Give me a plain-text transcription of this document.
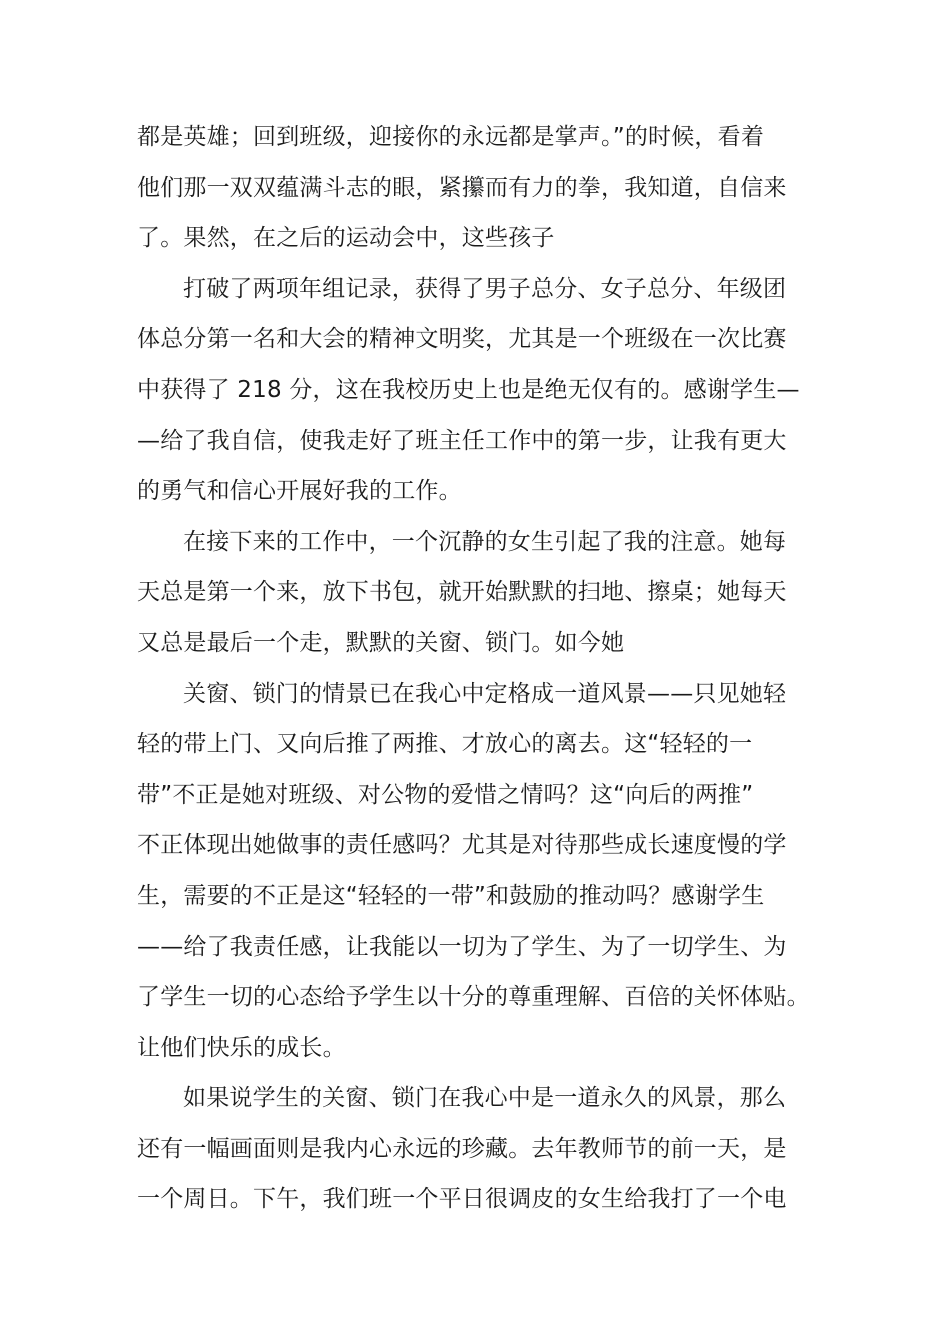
都是英雄；回到班级，迎接你的永远都是掌声。”的时候，看着
他们那一双双蕴满斗志的眼，紧攥而有力的拳，我知道，自信来
了。果然，在之后的运动会中，这些孩子
打破了两项年组记录，获得了男子总分、女子总分、年级团
体总分第一名和大会的精神文明奖，尤其是一个班级在一次比赛
中获得了 218 分，这在我校历史上也是绝无仅有的。感谢学生—
—给了我自信，使我走好了班主任工作中的第一步，让我有更大
的勇气和信心开展好我的工作。
在接下来的工作中，一个沉静的女生引起了我的注意。她每
天总是第一个来，放下书包，就开始默默的扫地、擦桌；她每天
又总是最后一个走，默默的关窗、锁门。如今她
关窗、锁门的情景已在我心中定格成一道风景——只见她轻
轻的带上门、又向后推了两推、才放心的离去。这“轻轻的一
带”不正是她对班级、对公物的爱惜之情吗？这“向后的两推”
不正体现出她做事的责任感吗？尤其是对待那些成长速度慢的学
生，需要的不正是这“轻轻的一带”和鼓励的推动吗？感谢学生
——给了我责任感，让我能以一切为了学生、为了一切学生、为
了学生一切的心态给予学生以十分的尊重理解、百倍的关怀体贴。
让他们快乐的成长。
如果说学生的关窗、锁门在我心中是一道永久的风景，那么
还有一幅画面则是我内心永远的珍藏。去年教师节的前一天，是
一个周日。下午，我们班一个平日很调皮的女生给我打了一个电
